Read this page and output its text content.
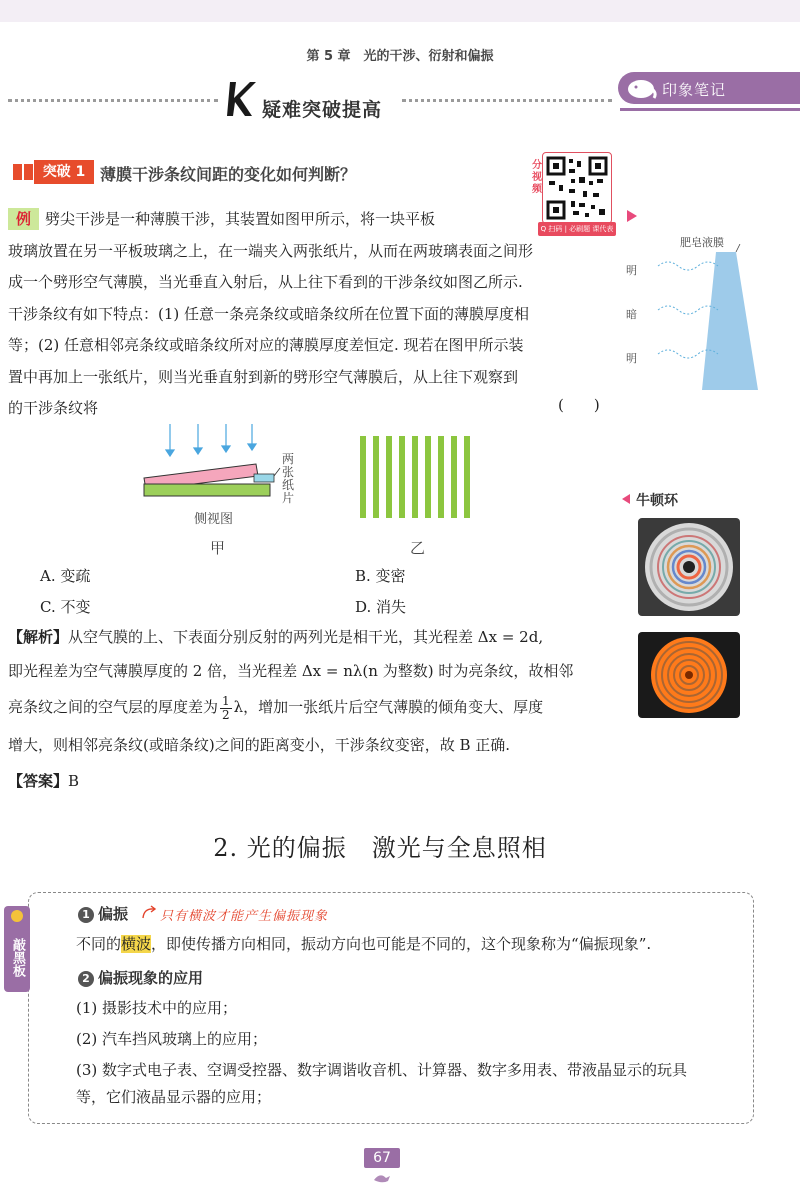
第 5 章　光的干涉、衍射和偏振
疑难突破提高
印象笔记
突破 1 薄膜干涉条纹间距的变化如何判断？	分视频
Q 扫码 | 必刷题 课代表
例 劈尖干涉是一种薄膜干涉，其装置如图甲所示，将一块平板
玻璃放置在另一平板玻璃之上，在一端夹入两张纸片，从而在两玻璃表面之间形
成一个劈形空气薄膜，当光垂直入射后，从上往下看到的干涉条纹如图乙所示.
干涉条纹有如下特点：(1) 任意一条亮条纹或暗条纹所在位置下面的薄膜厚度相
等；(2) 任意相邻亮条纹或暗条纹所对应的薄膜厚度差恒定. 现若在图甲所示装
置中再加上一张纸片，则当光垂直射到新的劈形空气薄膜后，从上往下观察到
的干涉条纹将	(　　)
两张纸片
侧视图
甲	乙
A. 变疏	B. 变密
C. 不变	D. 消失
【解析】从空气膜的上、下表面分别反射的两列光是相干光，其光程差 Δx = 2d,
即光程差为空气薄膜厚度的 2 倍，当光程差 Δx = nλ(n 为整数) 时为亮条纹，故相邻
亮条纹之间的空气层的厚度差为 $\frac{1}{2}$ λ，增加一张纸片后空气薄膜的倾角变大、厚度
增大，则相邻亮条纹(或暗条纹)之间的距离变小，干涉条纹变密，故 B 正确.
【答案】B
2. 光的偏振　激光与全息照相
敲黑板
1 偏振 只有横波才能产生偏振现象
不同的横波，即使传播方向相同，振动方向也可能是不同的，这个现象称为“偏振现象”.
2 偏振现象的应用
(1) 摄影技术中的应用；
(2) 汽车挡风玻璃上的应用；
(3) 数字式电子表、空调受控器、数字调谐收音机、计算器、数字多用表、带液晶显示的玩具
等，它们液晶显示器的应用；
67
肥皂液膜
明
暗
明
牛顿环
